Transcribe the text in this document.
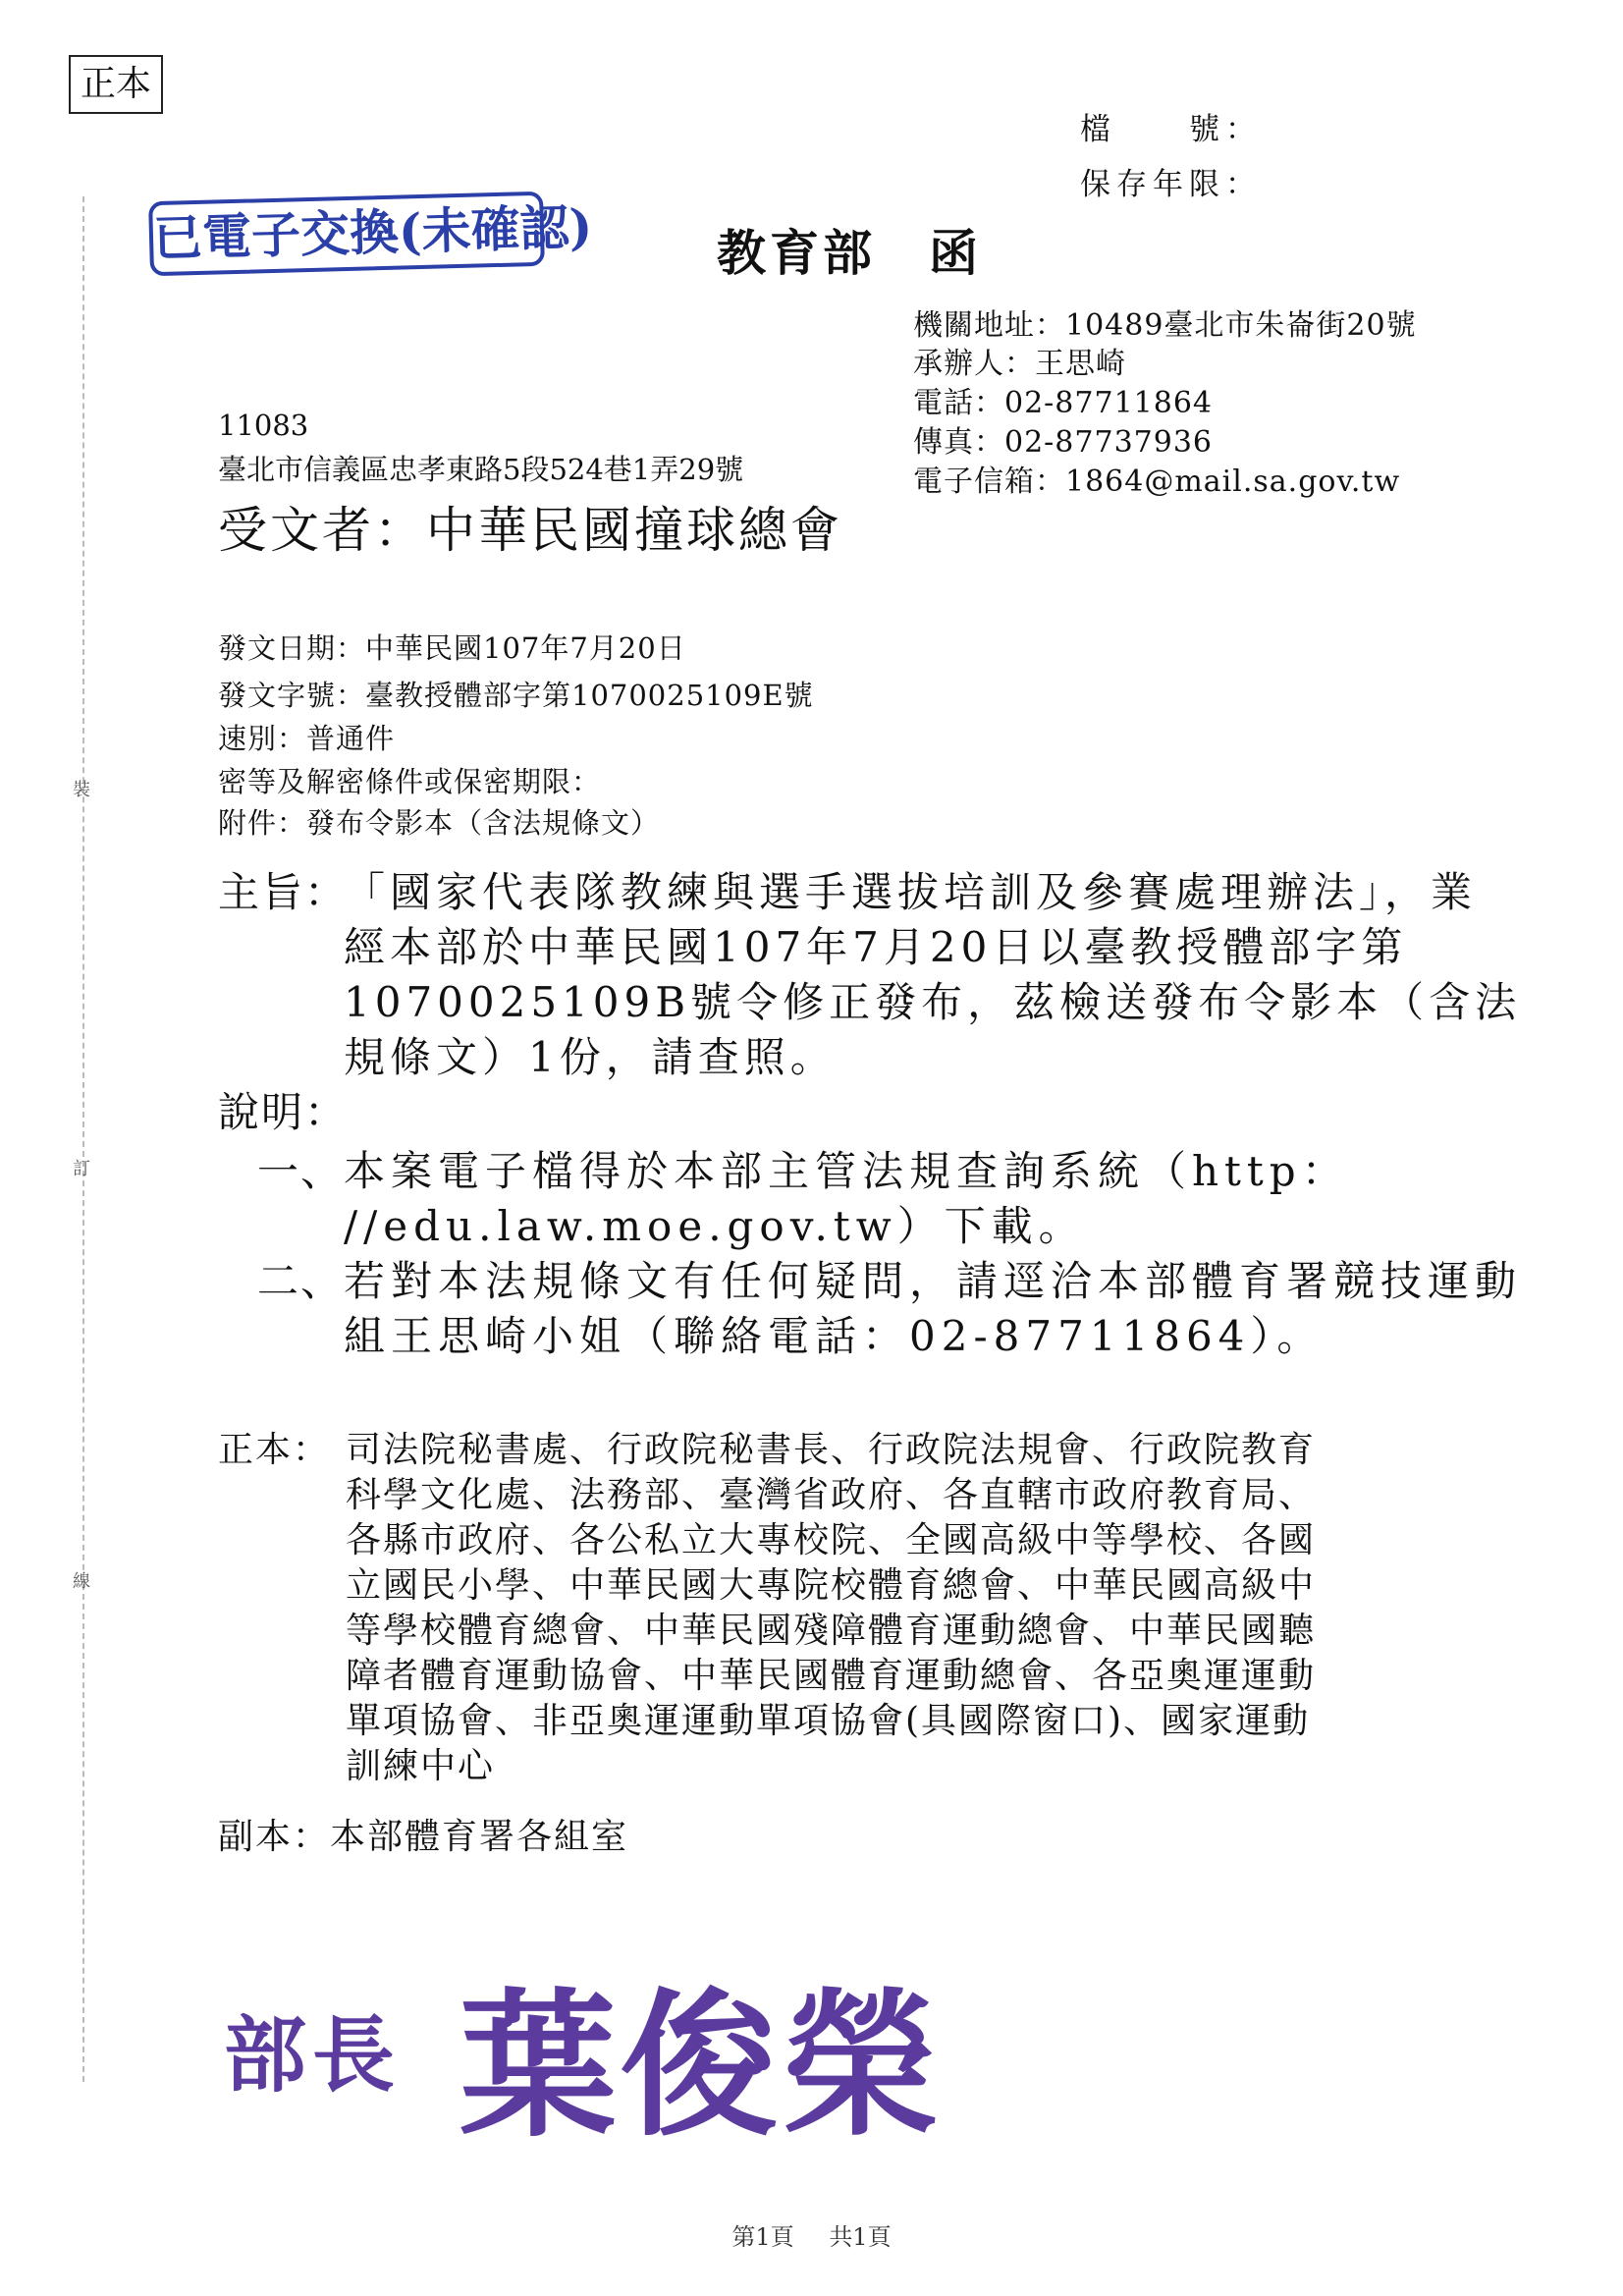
正本
檔　　號：
保存年限：
已電子交換(未確認)	教育部　函
機關地址：10489臺北市朱崙街20號
承辦人：王思崎
電話：02-87711864
傳真：02-87737936
電子信箱：1864@mail.sa.gov.tw
11083
臺北市信義區忠孝東路5段524巷1弄29號
受文者：中華民國撞球總會
發文日期：中華民國107年7月20日
發文字號：臺教授體部字第1070025109E號
速別：普通件
密等及解密條件或保密期限：
附件：發布令影本（含法規條文）
主旨：
「國家代表隊教練與選手選拔培訓及參賽處理辦法」，業
經本部於中華民國107年7月20日以臺教授體部字第
1070025109B號令修正發布，茲檢送發布令影本（含法
規條文）1份，請查照。
說明：
一、 本案電子檔得於本部主管法規查詢系統（http：
//edu.law.moe.gov.tw）下載。
二、 若對本法規條文有任何疑問，請逕洽本部體育署競技運動
組王思崎小姐（聯絡電話：02-87711864）。
正本： 司法院秘書處、行政院秘書長、行政院法規會、行政院教育
科學文化處、法務部、臺灣省政府、各直轄市政府教育局、
各縣市政府、各公私立大專校院、全國高級中等學校、各國
立國民小學、中華民國大專院校體育總會、中華民國高級中
等學校體育總會、中華民國殘障體育運動總會、中華民國聽
障者體育運動協會、中華民國體育運動總會、各亞奧運運動
單項協會、非亞奧運運動單項協會(具國際窗口)、國家運動
訓練中心
副本：本部體育署各組室
裝
訂
線
部長 葉俊榮
第1頁 共1頁
